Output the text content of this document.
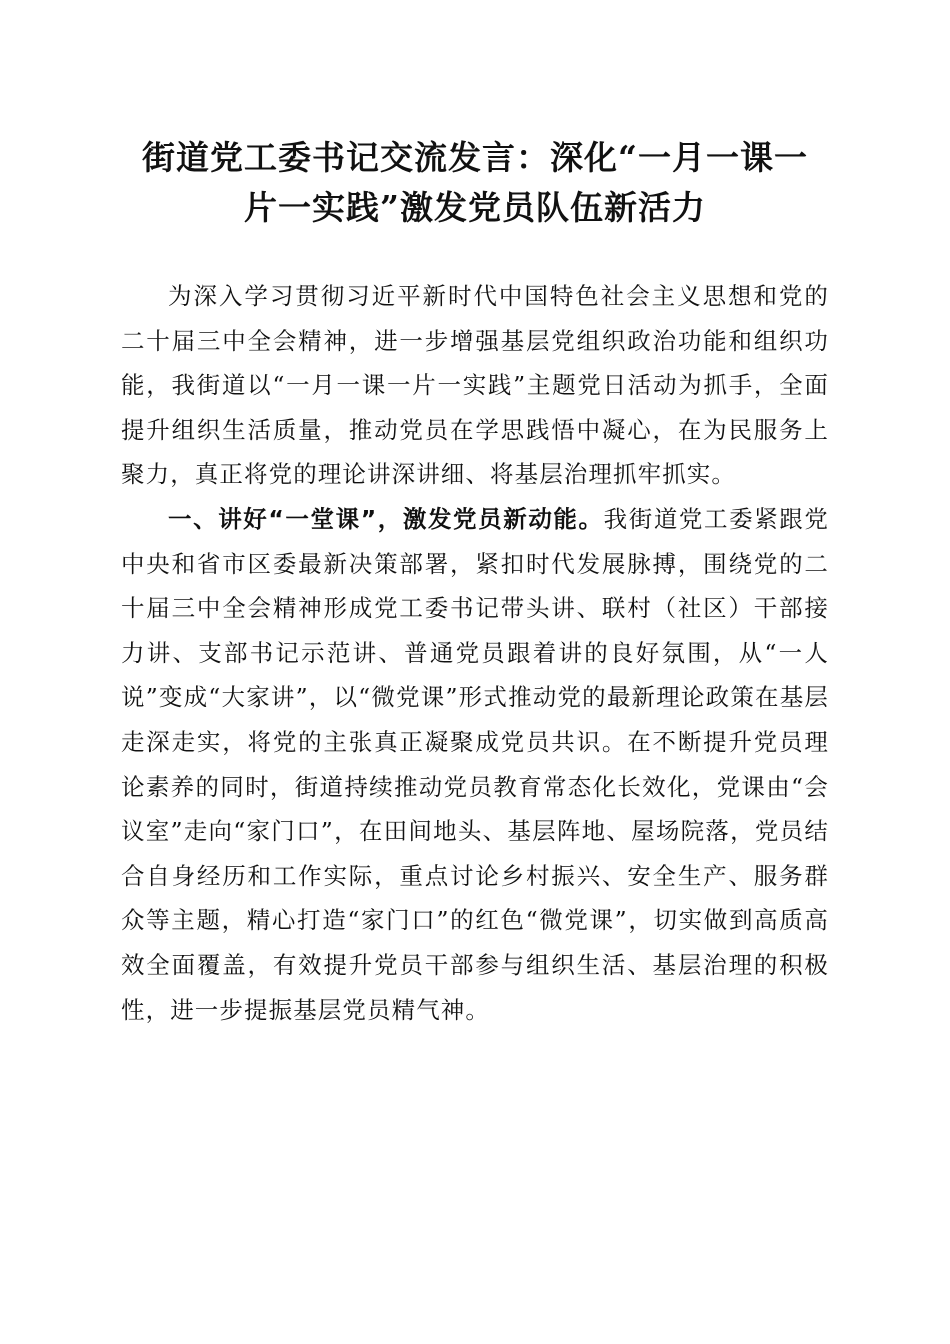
街道党工委书记交流发言：深化“一月一课一
片一实践”激发党员队伍新活力

为深入学习贯彻习近平新时代中国特色社会主义思想和党的二十届三中全会精神，进一步增强基层党组织政治功能和组织功能，我街道以“一月一课一片一实践”主题党日活动为抓手，全面提升组织生活质量，推动党员在学思践悟中凝心，在为民服务上聚力，真正将党的理论讲深讲细、将基层治理抓牢抓实。

一、讲好“一堂课”，激发党员新动能。我街道党工委紧跟党中央和省市区委最新决策部署，紧扣时代发展脉搏，围绕党的二十届三中全会精神形成党工委书记带头讲、联村（社区）干部接力讲、支部书记示范讲、普通党员跟着讲的良好氛围，从“一人说”变成“大家讲”，以“微党课”形式推动党的最新理论政策在基层走深走实，将党的主张真正凝聚成党员共识。在不断提升党员理论素养的同时，街道持续推动党员教育常态化长效化，党课由“会议室”走向“家门口”，在田间地头、基层阵地、屋场院落，党员结合自身经历和工作实际，重点讨论乡村振兴、安全生产、服务群众等主题，精心打造“家门口”的红色“微党课”，切实做到高质高效全面覆盖，有效提升党员干部参与组织生活、基层治理的积极性，进一步提振基层党员精气神。
